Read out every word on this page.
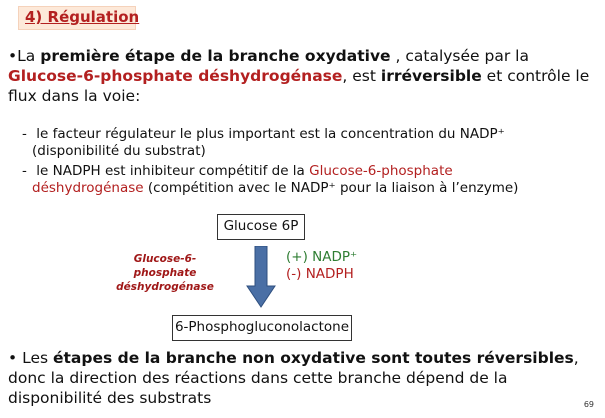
4) Régulation
•La première étape de la branche oxydative , catalysée par la Glucose-6-phosphate déshydrogénase, est irréversible et contrôle le flux dans la voie:
- le facteur régulateur le plus important est la concentration du NADP⁺
(disponibilité du substrat)
- le NADPH est inhibiteur compétitif de la Glucose-6-phosphate
déshydrogénase (compétition avec le NADP⁺ pour la liaison à l’enzyme)
Glucose 6P
Glucose-6-
phosphate
déshydrogénase
(+) NADP⁺
(-) NADPH
6-Phosphogluconolactone
• Les étapes de la branche non oxydative sont toutes réversibles, donc la direction des réactions dans cette branche dépend de la disponibilité des substrats	69
